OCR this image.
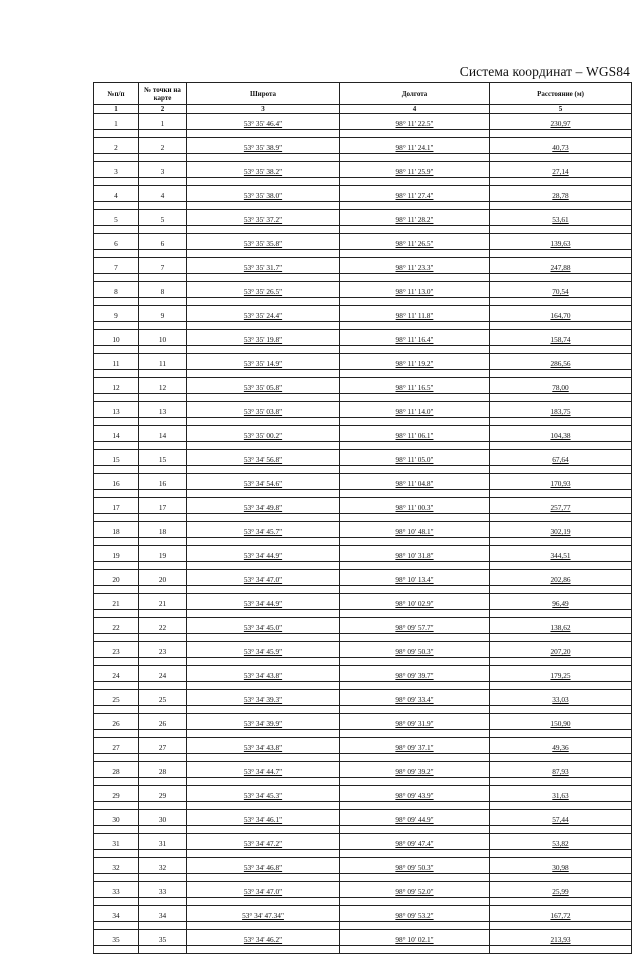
Система координат – WGS84
№п/п	№ точки на карте	Широта	Долгота	Расстояние (м)
1	2	3	4	5
1	1	53° 35' 46.4"	98° 11' 22.5"	230,97

2	2	53° 35' 38.9"	98° 11' 24.1"	40,73

3	3	53° 35' 38.2"	98° 11' 25.9"	27,14

4	4	53° 35' 38.0"	98° 11' 27.4"	28,78

5	5	53° 35' 37.2"	98° 11' 28.2"	53,61

6	6	53° 35' 35.8"	98° 11' 26.5"	139,63

7	7	53° 35' 31.7"	98° 11' 23.3"	247,88

8	8	53° 35' 26.5"	98° 11' 13.0"	70,54

9	9	53° 35' 24.4"	98° 11' 11.8"	164,70

10	10	53° 35' 19.8"	98° 11' 16.4"	158,74

11	11	53° 35' 14.9"	98° 11' 19.2"	286,56

12	12	53° 35' 05.8"	98° 11' 16.5"	78,00

13	13	53° 35' 03.8"	98° 11' 14.0"	183,75

14	14	53° 35' 00.2"	98° 11' 06.1"	104,38

15	15	53° 34' 56.8"	98° 11' 05.0"	67,64

16	16	53° 34' 54.6"	98° 11' 04.8"	170,93

17	17	53° 34' 49.8"	98° 11' 00.3"	257,77

18	18	53° 34' 45.7"	98° 10' 48.1"	302,19

19	19	53° 34' 44.9"	98° 10' 31.8"	344,51

20	20	53° 34' 47.0"	98° 10' 13.4"	202,86

21	21	53° 34' 44.9"	98° 10' 02.9"	96,49

22	22	53° 34' 45.0"	98° 09' 57.7"	138,62

23	23	53° 34' 45.9"	98° 09' 50.3"	207,20

24	24	53° 34' 43.8"	98° 09' 39.7"	179,25

25	25	53° 34' 39.3"	98° 09' 33.4"	33,03

26	26	53° 34' 39.9"	98° 09' 31.9"	150,90

27	27	53° 34' 43.8"	98° 09' 37.1"	49,36

28	28	53° 34' 44.7"	98° 09' 39.2"	87,93

29	29	53° 34' 45.3"	98° 09' 43.9"	31,63

30	30	53° 34' 46.1"	98° 09' 44.9"	57,44

31	31	53° 34' 47.2"	98° 09' 47.4"	53,82

32	32	53° 34' 46.8"	98° 09' 50.3"	30,98

33	33	53° 34' 47.0"	98° 09' 52.0"	25,99

34	34	53° 34' 47.34"	98° 09' 53.2"	167,72

35	35	53° 34' 46.2"	98° 10' 02.1"	213,93
